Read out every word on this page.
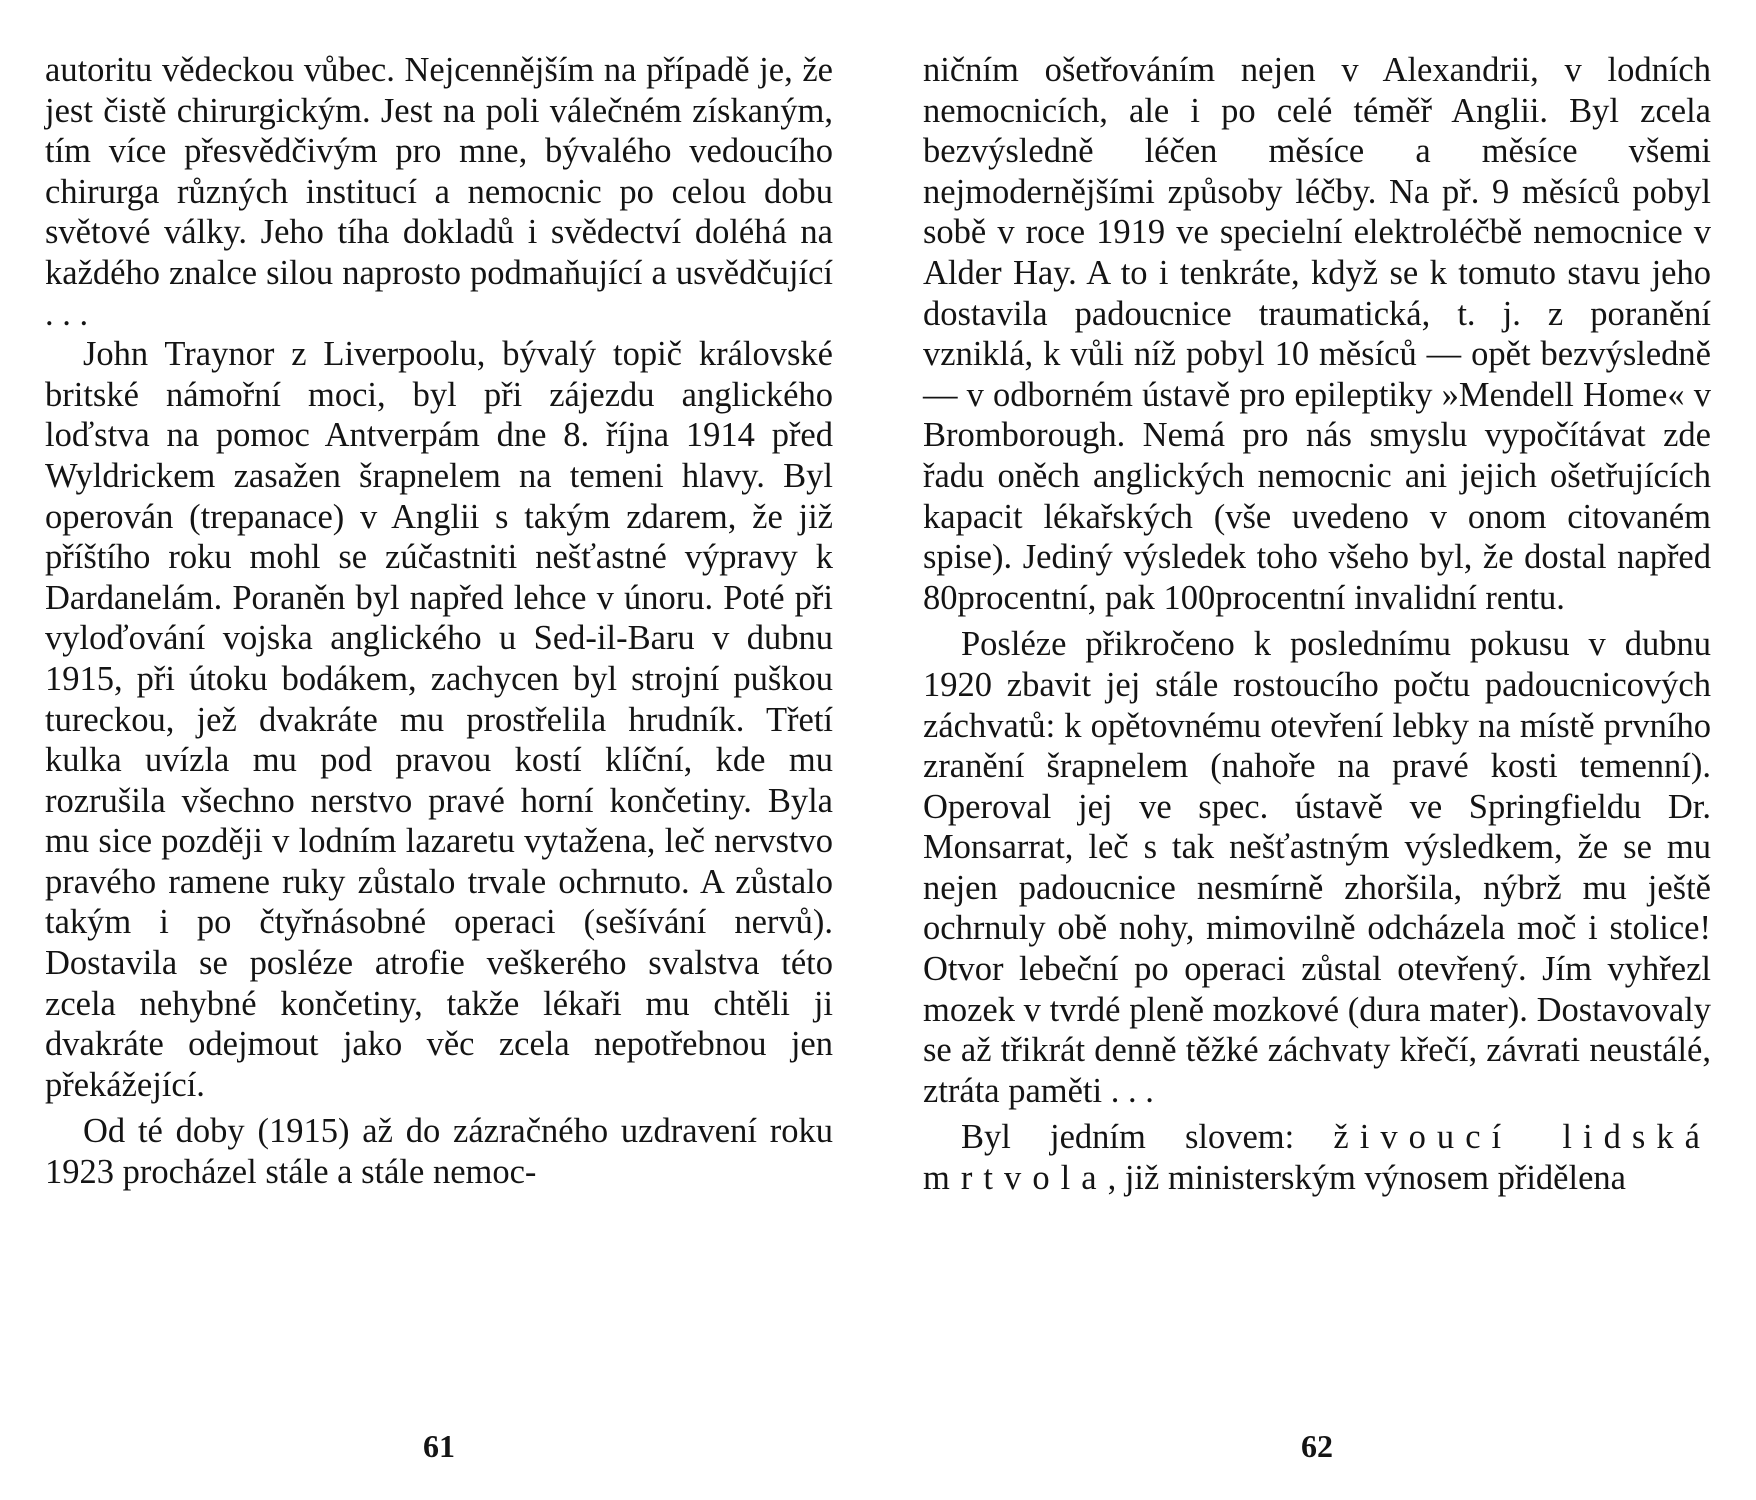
autoritu vědeckou vůbec. Nejcennějším na případě je, že jest čistě chirurgickým. Jest na poli válečném získaným, tím více přesvědčivým pro mne, bývalého vedoucího chirurga různých institucí a nemocnic po celou dobu světové války. Jeho tíha dokladů i svědectví doléhá na každého znalce silou naprosto podmaňující a usvědčující . . .

John Traynor z Liverpoolu, bývalý topič královské britské námořní moci, byl při zájezdu anglického loďstva na pomoc Antverpám dne 8. října 1914 před Wyldrickem zasažen šrapnelem na temeni hlavy. Byl operován (trepanace) v Anglii s takým zdarem, že již příštího roku mohl se zúčastniti nešťastné výpravy k Dardanelám. Poraněn byl napřed lehce v únoru. Poté při vyloďování vojska anglického u Sed-il-Baru v dubnu 1915, při útoku bodákem, zachycen byl strojní puškou tureckou, jež dvakráte mu prostřelila hrudník. Třetí kulka uvízla mu pod pravou kostí klíční, kde mu rozrušila všechno nerstvo pravé horní končetiny. Byla mu sice později v lodním lazaretu vytažena, leč nervstvo pravého ramene ruky zůstalo trvale ochrnuto. A zůstalo takým i po čtyřnásobné operaci (sešívání nervů). Dostavila se posléze atrofie veškerého svalstva této zcela nehybné končetiny, takže lékaři mu chtěli ji dvakráte odejmout jako věc zcela nepotřebnou jen překážející.

Od té doby (1915) až do zázračného uzdravení roku 1923 procházel stále a stále nemoc-

61

ničním ošetřováním nejen v Alexandrii, v lodních nemocnicích, ale i po celé téměř Anglii. Byl zcela bezvýsledně léčen měsíce a měsíce všemi nejmodernějšími způsoby léčby. Na př. 9 měsíců pobyl sobě v roce 1919 ve specielní elektroléčbě nemocnice v Alder Hay. A to i tenkráte, když se k tomuto stavu jeho dostavila padoucnice traumatická, t. j. z poranění vzniklá, k vůli níž pobyl 10 měsíců — opět bezvýsledně — v odborném ústavě pro epileptiky »Mendell Home« v Bromborough. Nemá pro nás smyslu vypočítávat zde řadu oněch anglických nemocnic ani jejich ošetřujících kapacit lékařských (vše uvedeno v onom citovaném spise). Jediný výsledek toho všeho byl, že dostal napřed 80procentní, pak 100procentní invalidní rentu.

Posléze přikročeno k poslednímu pokusu v dubnu 1920 zbavit jej stále rostoucího počtu padoucnicových záchvatů: k opětovnému otevření lebky na místě prvního zranění šrapnelem (nahoře na pravé kosti temenní). Operoval jej ve spec. ústavě ve Springfieldu Dr. Monsarrat, leč s tak nešťastným výsledkem, že se mu nejen padoucnice nesmírně zhoršila, nýbrž mu ještě ochrnuly obě nohy, mimovilně odcházela moč i stolice! Otvor lebeční po operaci zůstal otevřený. Jím vyhřezl mozek v tvrdé pleně mozkové (dura mater). Dostavovaly se až třikrát denně těžké záchvaty křečí, závrati neustálé, ztráta paměti . . .

Byl jedním slovem: živoucí lidská mrtvola, již ministerským výnosem přidělena

62
